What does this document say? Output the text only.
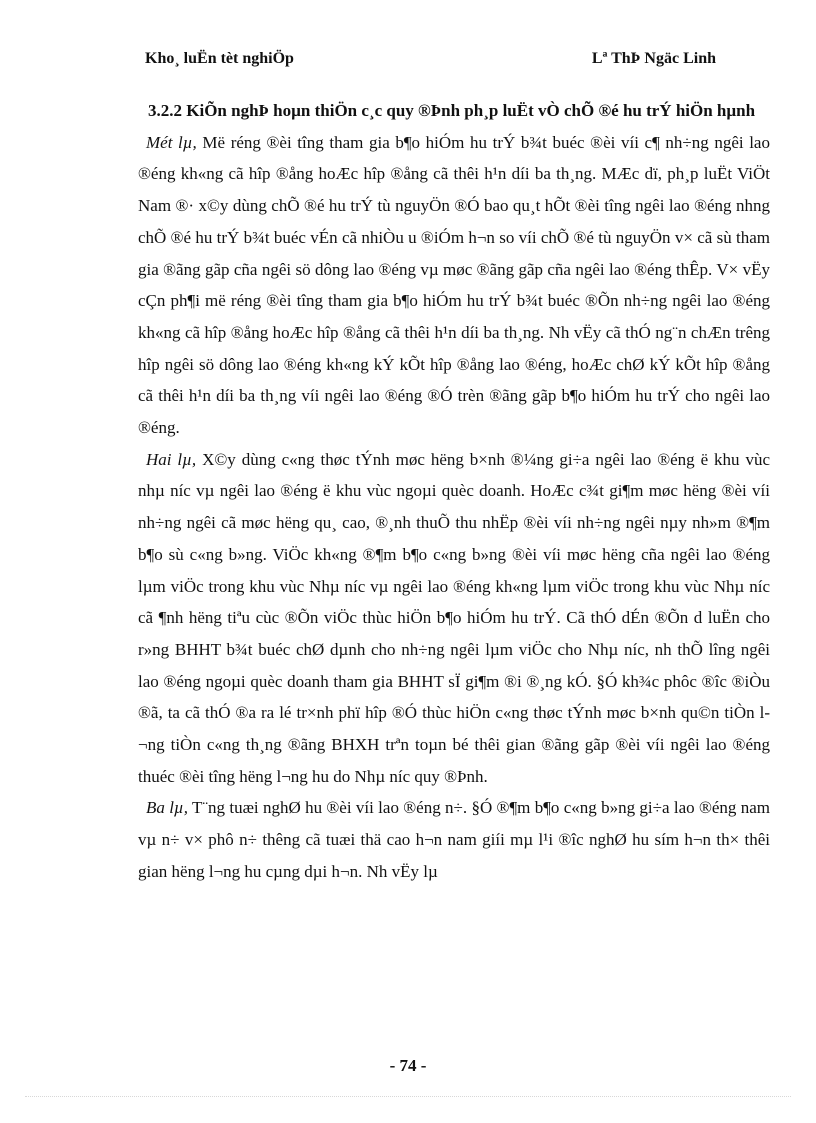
Kho¸ luËn tèt nghiÖp	Lª ThÞ Ngäc Linh

3.2.2 KiÕn nghÞ hoµn thiÖn c¸c quy ®Þnh ph¸p luËt vÒ chÕ ®é hu trÝ hiÖn hµnh

Mét lµ, Më réng ®èi tîng tham gia b¶o hiÓm hu trÝ b¾t buéc ®èi víi c¶ nh÷ng ngêi lao ®éng kh«ng cã hîp ®ång hoÆc hîp ®ång cã thêi h¹n díi ba th¸ng. MÆc dï, ph¸p luËt ViÖt Nam ®· x©y dùng chÕ ®é hu trÝ tù nguyÖn ®Ó bao qu¸t hÕt ®èi tîng ngêi lao ®éng nhng chÕ ®é hu trÝ b¾t buéc vÉn cã nhiÒu u ®iÓm h¬n so víi chÕ ®é tù nguyÖn v× cã sù tham gia ®ãng gãp cña ngêi sö dông lao ®éng vµ møc ®ãng gãp cña ngêi lao ®éng thÊp. V× vËy cÇn ph¶i më réng ®èi tîng tham gia b¶o hiÓm hu trÝ b¾t buéc ®Õn nh÷ng ngêi lao ®éng kh«ng cã hîp ®ång hoÆc hîp ®ång cã thêi h¹n díi ba th¸ng. Nh vËy cã thÓ ng¨n chÆn trêng hîp ngêi sö dông lao ®éng kh«ng kÝ kÕt hîp ®ång lao ®éng, hoÆc chØ kÝ kÕt hîp ®ång cã thêi h¹n díi ba th¸ng víi ngêi lao ®éng ®Ó trèn ®ãng gãp b¶o hiÓm hu trÝ cho ngêi lao ®éng.

Hai lµ, X©y dùng c«ng thøc tÝnh møc hëng b×nh ®¼ng gi÷a ngêi lao ®éng ë khu vùc nhµ níc vµ ngêi lao ®éng ë khu vùc ngoµi quèc doanh. HoÆc c¾t gi¶m møc hëng ®èi víi nh÷ng ngêi cã møc hëng qu¸ cao, ®¸nh thuÕ thu nhËp ®èi víi nh÷ng ngêi nµy nh»m ®¶m b¶o sù c«ng b»ng. ViÖc kh«ng ®¶m b¶o c«ng b»ng ®èi víi møc hëng cña ngêi lao ®éng lµm viÖc trong khu vùc Nhµ níc vµ ngêi lao ®éng kh«ng lµm viÖc trong khu vùc Nhµ níc cã ¶nh hëng tiªu cùc ®Õn viÖc thùc hiÖn b¶o hiÓm hu trÝ. Cã thÓ dÉn ®Õn d luËn cho r»ng BHHT b¾t buéc chØ dµnh cho nh÷ng ngêi lµm viÖc cho Nhµ níc, nh thÕ lîng ngêi lao ®éng ngoµi quèc doanh tham gia BHHT sÏ gi¶m ®i ®¸ng kÓ. §Ó kh¾c phôc ®îc ®iÒu ®ã, ta cã thÓ ®a ra lé tr×nh phï hîp ®Ó thùc hiÖn c«ng thøc tÝnh møc b×nh qu©n tiÒn l¬ng tiÒn c«ng th¸ng ®ãng BHXH trªn toµn bé thêi gian ®ãng gãp ®èi víi ngêi lao ®éng thuéc ®èi tîng hëng l¬ng hu do Nhµ níc quy ®Þnh.

Ba lµ, T¨ng tuæi nghØ hu ®èi víi lao ®éng n÷. §Ó ®¶m b¶o c«ng b»ng gi÷a lao ®éng nam vµ n÷ v× phô n÷ thêng cã tuæi thä cao h¬n nam giíi mµ l¹i ®îc nghØ hu sím h¬n th× thêi gian hëng l¬ng hu cµng dµi h¬n. Nh vËy lµ

- 74 -
